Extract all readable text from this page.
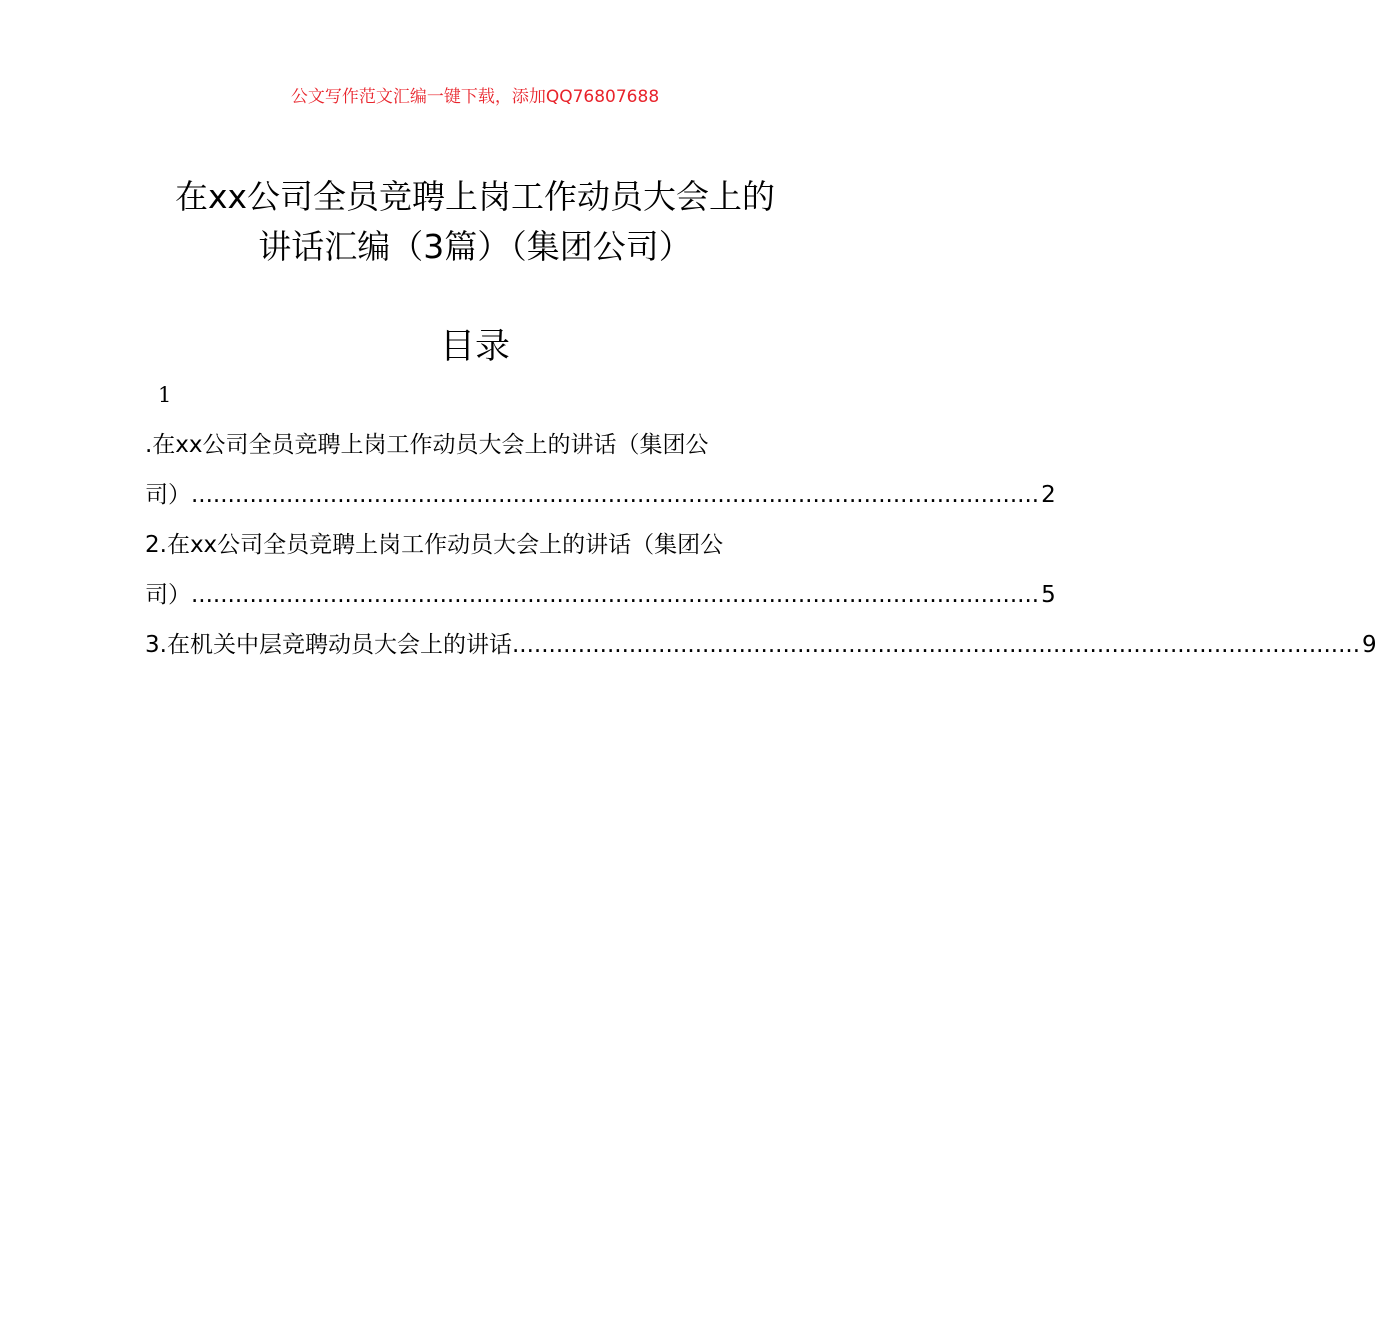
公文写作范文汇编一键下载，添加QQ76807688
在xx公司全员竞聘上岗工作动员大会上的
讲话汇编（3篇）（集团公司）
目录
1
.在xx公司全员竞聘上岗工作动员大会上的讲话（集团公
司） .................................................................................................................... 2
2.在xx公司全员竞聘上岗工作动员大会上的讲话（集团公
司） .................................................................................................................... 5
3.在机关中层竞聘动员大会上的讲话 .................................................................................................................... 9
